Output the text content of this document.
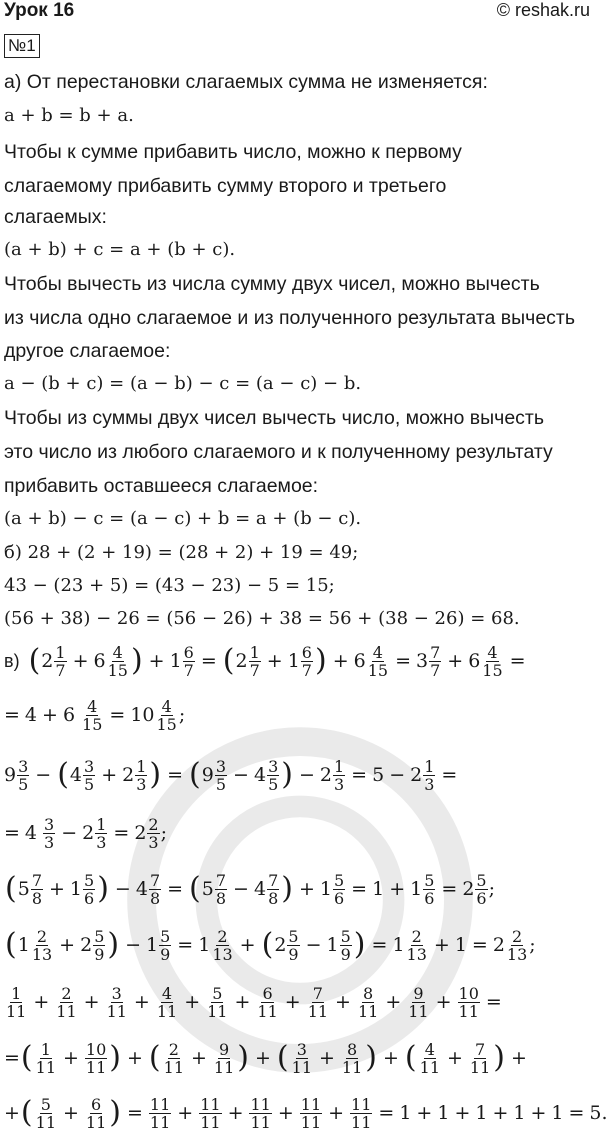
Урок 16	© reshak.ru
№1
а) От перестановки слагаемых сумма не изменяется:
a + b = b + a.
Чтобы к сумме прибавить число, можно к первому
слагаемому прибавить сумму второго и третьего
слагаемых:
(a + b) + c = a + (b + c).
Чтобы вычесть из числа сумму двух чисел, можно вычесть
из числа одно слагаемое и из полученного результата вычесть
другое слагаемое:
a − (b + c) = (a − b) − c = (a − c) − b.
Чтобы из суммы двух чисел вычесть число, можно вычесть
это число из любого слагаемого и к полученному результату
прибавить оставшееся слагаемое:
(a + b) − c = (a − c) + b = a + (b − c).
б) 28 + (2 + 19) = (28 + 2) + 19 = 49;
43 − (23 + 5) = (43 − 23) − 5 = 15;
(56 + 38) − 26 = (56 − 26) + 38 = 56 + (38 − 26) = 68.
в) ( $2 \frac{1}{7} + 6 \frac{4}{15}$ ) + $1 \frac{6}{7}$ = ( $2 \frac{1}{7} + 1 \frac{6}{7}$ ) + $6 \frac{4}{15} = 3 \frac{7}{7} + 6 \frac{4}{15}$ =
= $4 + 6 \frac{4}{15} = 10 \frac{4}{15}$ ;
$9 \frac{3}{5}$ − ( $4 \frac{3}{5} + 2 \frac{1}{3}$ ) = ( $9 \frac{3}{5} - 4 \frac{3}{5}$ ) − $2 \frac{1}{3} = 5 - 2 \frac{1}{3}$ =
= $4 \frac{3}{3} - 2 \frac{1}{3} = 2 \frac{2}{3}$ ;
( $5 \frac{7}{8} + 1 \frac{5}{6}$ ) − $4 \frac{7}{8}$ = ( $5 \frac{7}{8} - 4 \frac{7}{8}$ ) + $1 \frac{5}{6} = 1 + 1 \frac{5}{6} = 2 \frac{5}{6}$ ;
( $1 \frac{2}{13} + 2 \frac{5}{9}$ ) − $1 \frac{5}{9} = 1 \frac{2}{13}$ + ( $2 \frac{5}{9} - 1 \frac{5}{9}$ ) = $1 \frac{2}{13} + 1 = 2 \frac{2}{13}$ ;
$\frac{1}{11} + \frac{2}{11} + \frac{3}{11} + \frac{4}{11} + \frac{5}{11} + \frac{6}{11} + \frac{7}{11} + \frac{8}{11} + \frac{9}{11} + \frac{10}{11}$ =
= ( $\frac{1}{11} + \frac{10}{11}$ ) + ( $\frac{2}{11} + \frac{9}{11}$ ) + ( $\frac{3}{11} + \frac{8}{11}$ ) + ( $\frac{4}{11} + \frac{7}{11}$ ) +
+ ( $\frac{5}{11} + \frac{6}{11}$ ) = $\frac{11}{11} + \frac{11}{11} + \frac{11}{11} + \frac{11}{11} + \frac{11}{11} = 1 + 1 + 1 + 1 + 1 = 5$.
